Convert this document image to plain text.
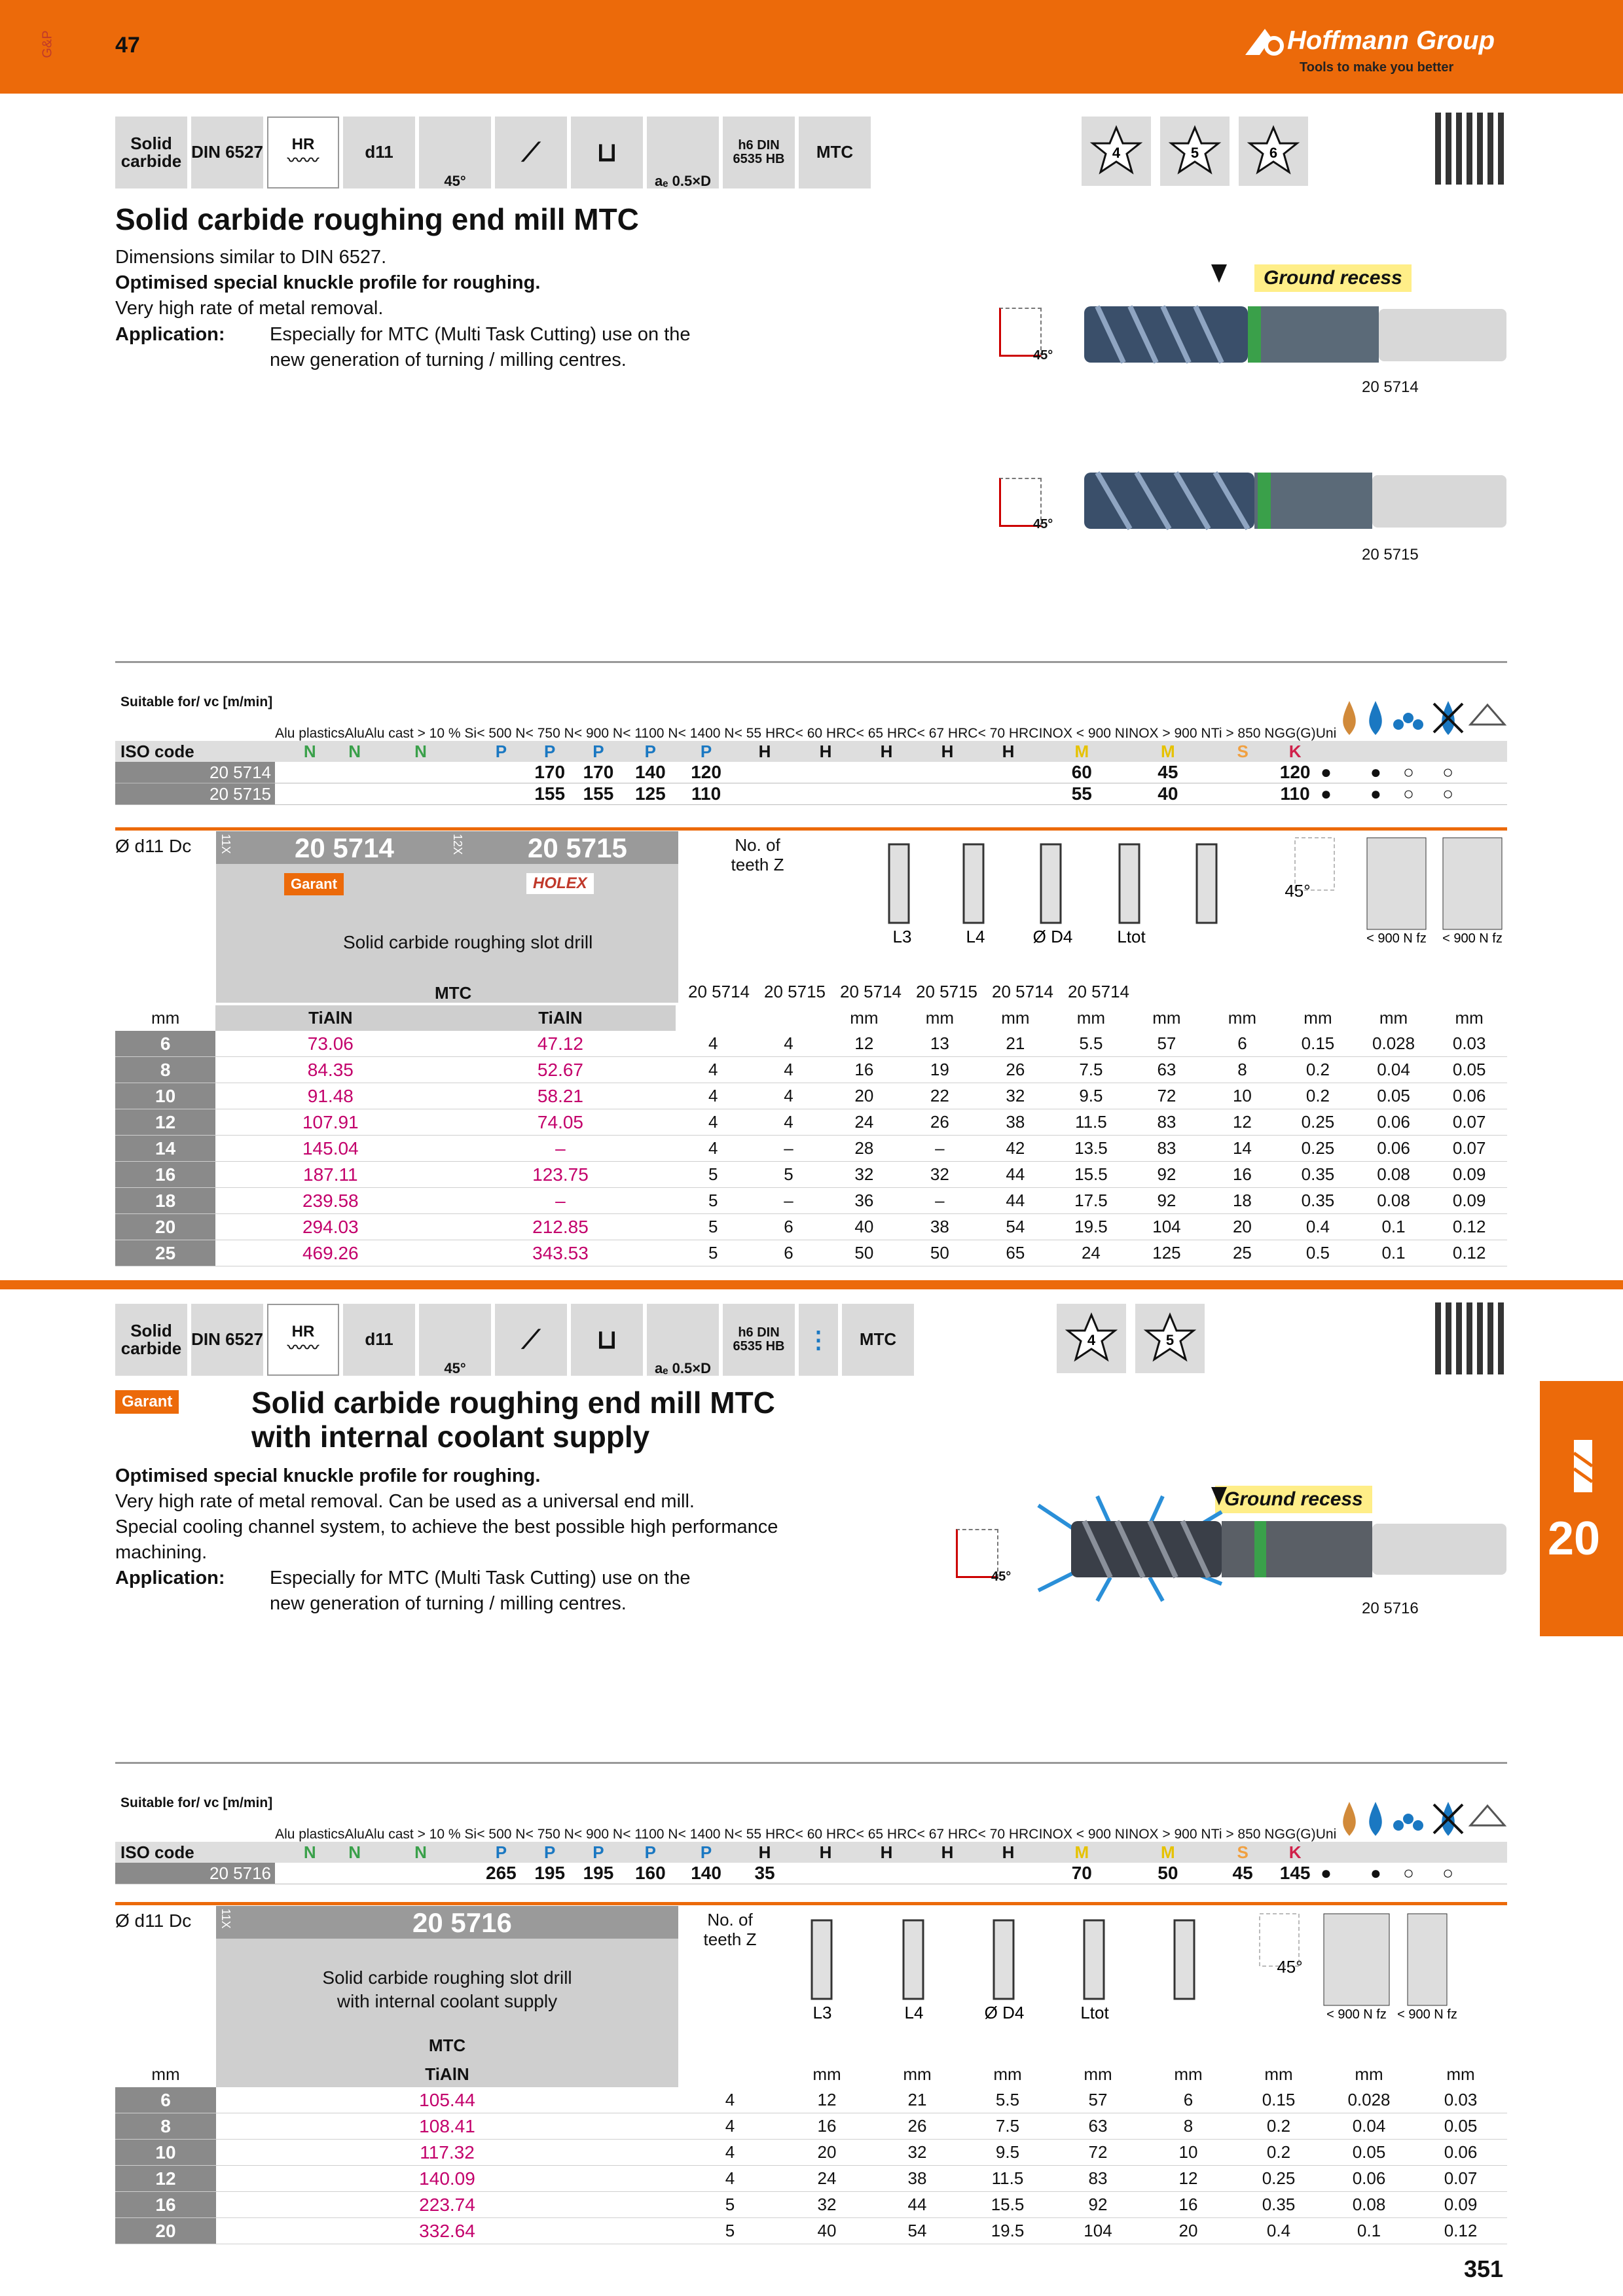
G&P	47	Hoffmann Group
Tools to make you better
Solid carbide DIN 6527 HR
〰〰	d11
45°
⟋	⊔
aₑ 0.5×D
h6 DIN 6535 HB	MTC	4	5	6
Solid carbide roughing end mill MTC
Dimensions similar to DIN 6527.
Optimised special knuckle profile for roughing.
Very high rate of metal removal.
Application: Especially for MTC (Multi Task Cutting) use on the new generation of turning / milling centres.	45°
Ground recess
20 5714
45°
20 5715
Suitable for/ vc [m/min]	Alu plastics	Alu	Alu cast > 10 % Si	< 500 N	< 750 N	< 900 N	< 1100 N	< 1400 N	< 55 HRC	< 60 HRC	< 65 HRC	< 67 HRC	< 70 HRC	INOX < 900 N	INOX > 900 N	Ti > 850 N	GG(G)	Uni					
ISO code	N	N	N	P	P	P	P	P	H	H	H	H	H	M	M	S	K						
20 5714					170	170	140	120						60	45		120	●		●	○	○	
20 5715					155	155	125	110						55	40		110	●		●	○	○	
Ø d11 Dc 11X 20 5714	12X 20 5715
Garant	HOLEX
Solid carbide roughing slot drill
MTC
No. of teeth Z
L3	L4	Ø D4	Ltot
45°
< 900 N fz < 900 N fz
20 5714 20 5715 20 5714 20 5715 20 5714 20 5714
mm	TiAlN	TiAlN			mm	mm	mm	mm	mm	mm	mm	mm	mm
6	73.06	47.12	4	4	12	13	21	5.5	57	6	0.15	0.028	0.03
8	84.35	52.67	4	4	16	19	26	7.5	63	8	0.2	0.04	0.05
10	91.48	58.21	4	4	20	22	32	9.5	72	10	0.2	0.05	0.06
12	107.91	74.05	4	4	24	26	38	11.5	83	12	0.25	0.06	0.07
14	145.04	–	4	–	28	–	42	13.5	83	14	0.25	0.06	0.07
16	187.11	123.75	5	5	32	32	44	15.5	92	16	0.35	0.08	0.09
18	239.58	–	5	–	36	–	44	17.5	92	18	0.35	0.08	0.09
20	294.03	212.85	5	6	40	38	54	19.5	104	20	0.4	0.1	0.12
25	469.26	343.53	5	6	50	50	65	24	125	25	0.5	0.1	0.12
Solid carbide DIN 6527 HR
〰〰	d11
45°
⟋	⊔
aₑ 0.5×D
h6 DIN 6535 HB ⋮	MTC	4	5
Garant	Solid carbide roughing end mill MTC
with internal coolant supply
Optimised special knuckle profile for roughing.
Very high rate of metal removal. Can be used as a universal end mill.
Special cooling channel system, to achieve the best possible high performance
machining.
Application: Especially for MTC (Multi Task Cutting) use on the new generation of turning / milling centres.
45°
Ground recess
20 5716
20
Suitable for/ vc [m/min]	Alu plastics	Alu	Alu cast > 10 % Si	< 500 N	< 750 N	< 900 N	< 1100 N	< 1400 N	< 55 HRC	< 60 HRC	< 65 HRC	< 67 HRC	< 70 HRC	INOX < 900 N	INOX > 900 N	Ti > 850 N	GG(G)	Uni					
ISO code	N	N	N	P	P	P	P	P	H	H	H	H	H	M	M	S	K						
20 5716				265	195	195	160	140	35					70	50	45	145	●		●	○	○	
Ø d11 Dc 11X	20 5716
Solid carbide roughing slot drill
with internal coolant supply
MTC
No. of teeth Z
L3	L4	Ø D4	Ltot
45°
< 900 N fz < 900 N fz
mm	TiAlN		mm	mm	mm	mm	mm	mm	mm	mm
6	105.44	4	12	21	5.5	57	6	0.15	0.028	0.03
8	108.41	4	16	26	7.5	63	8	0.2	0.04	0.05
10	117.32	4	20	32	9.5	72	10	0.2	0.05	0.06
12	140.09	4	24	38	11.5	83	12	0.25	0.06	0.07
16	223.74	5	32	44	15.5	92	16	0.35	0.08	0.09
20	332.64	5	40	54	19.5	104	20	0.4	0.1	0.12
351
